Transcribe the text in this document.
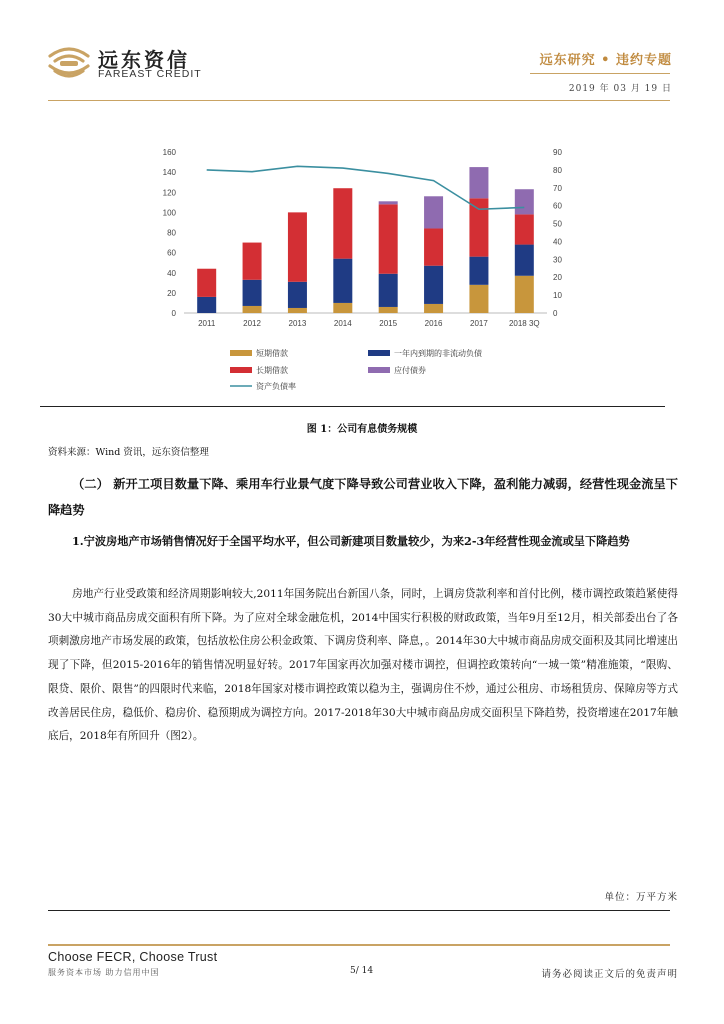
远东资信
FAREAST CREDIT
远东研究 • 违约专题
2019 年 03 月 19 日
0
20
40
60
80
100
120
140
160
0
10
20
30
40
50
60
70
80
90
2011	2012	2013	2014	2015	2016	2017	2018 3Q
短期借款	一年内到期的非流动负债
长期借款	应付债券
资产负债率
图 1：公司有息债务规模
资料来源：Wind 资讯，远东资信整理
（二） 新开工项目数量下降、乘用车行业景气度下降导致公司营业收入下降，盈利能力减弱，经营性现金流呈下降趋势
1.宁波房地产市场销售情况好于全国平均水平，但公司新建项目数量较少，为来2-3年经营性现金流或呈下降趋势
房地产行业受政策和经济周期影响较大,2011年国务院出台新国八条，同时，上调房贷款利率和首付比例，楼市调控政策趋紧使得30大中城市商品房成交面积有所下降。为了应对全球金融危机，2014中国实行积极的财政政策，当年9月至12月，相关部委出台了各项刺激房地产市场发展的政策，包括放松住房公积金政策、下调房贷利率、降息，。2014年30大中城市商品房成交面积及其同比增速出现了下降，但2015-2016年的销售情况明显好转。2017年国家再次加强对楼市调控，但调控政策转向“一城一策”精准施策，“限购、限贷、限价、限售”的四限时代来临，2018年国家对楼市调控政策以稳为主，强调房住不炒，通过公租房、市场租赁房、保障房等方式改善居民住房，稳低价、稳房价、稳预期成为调控方向。2017-2018年30大中城市商品房成交面积呈下降趋势，投资增速在2017年触底后，2018年有所回升（图2）。
单位：万平方米
Choose FECR, Choose Trust
服务资本市场 助力信用中国	5/ 14	请务必阅读正文后的免责声明
